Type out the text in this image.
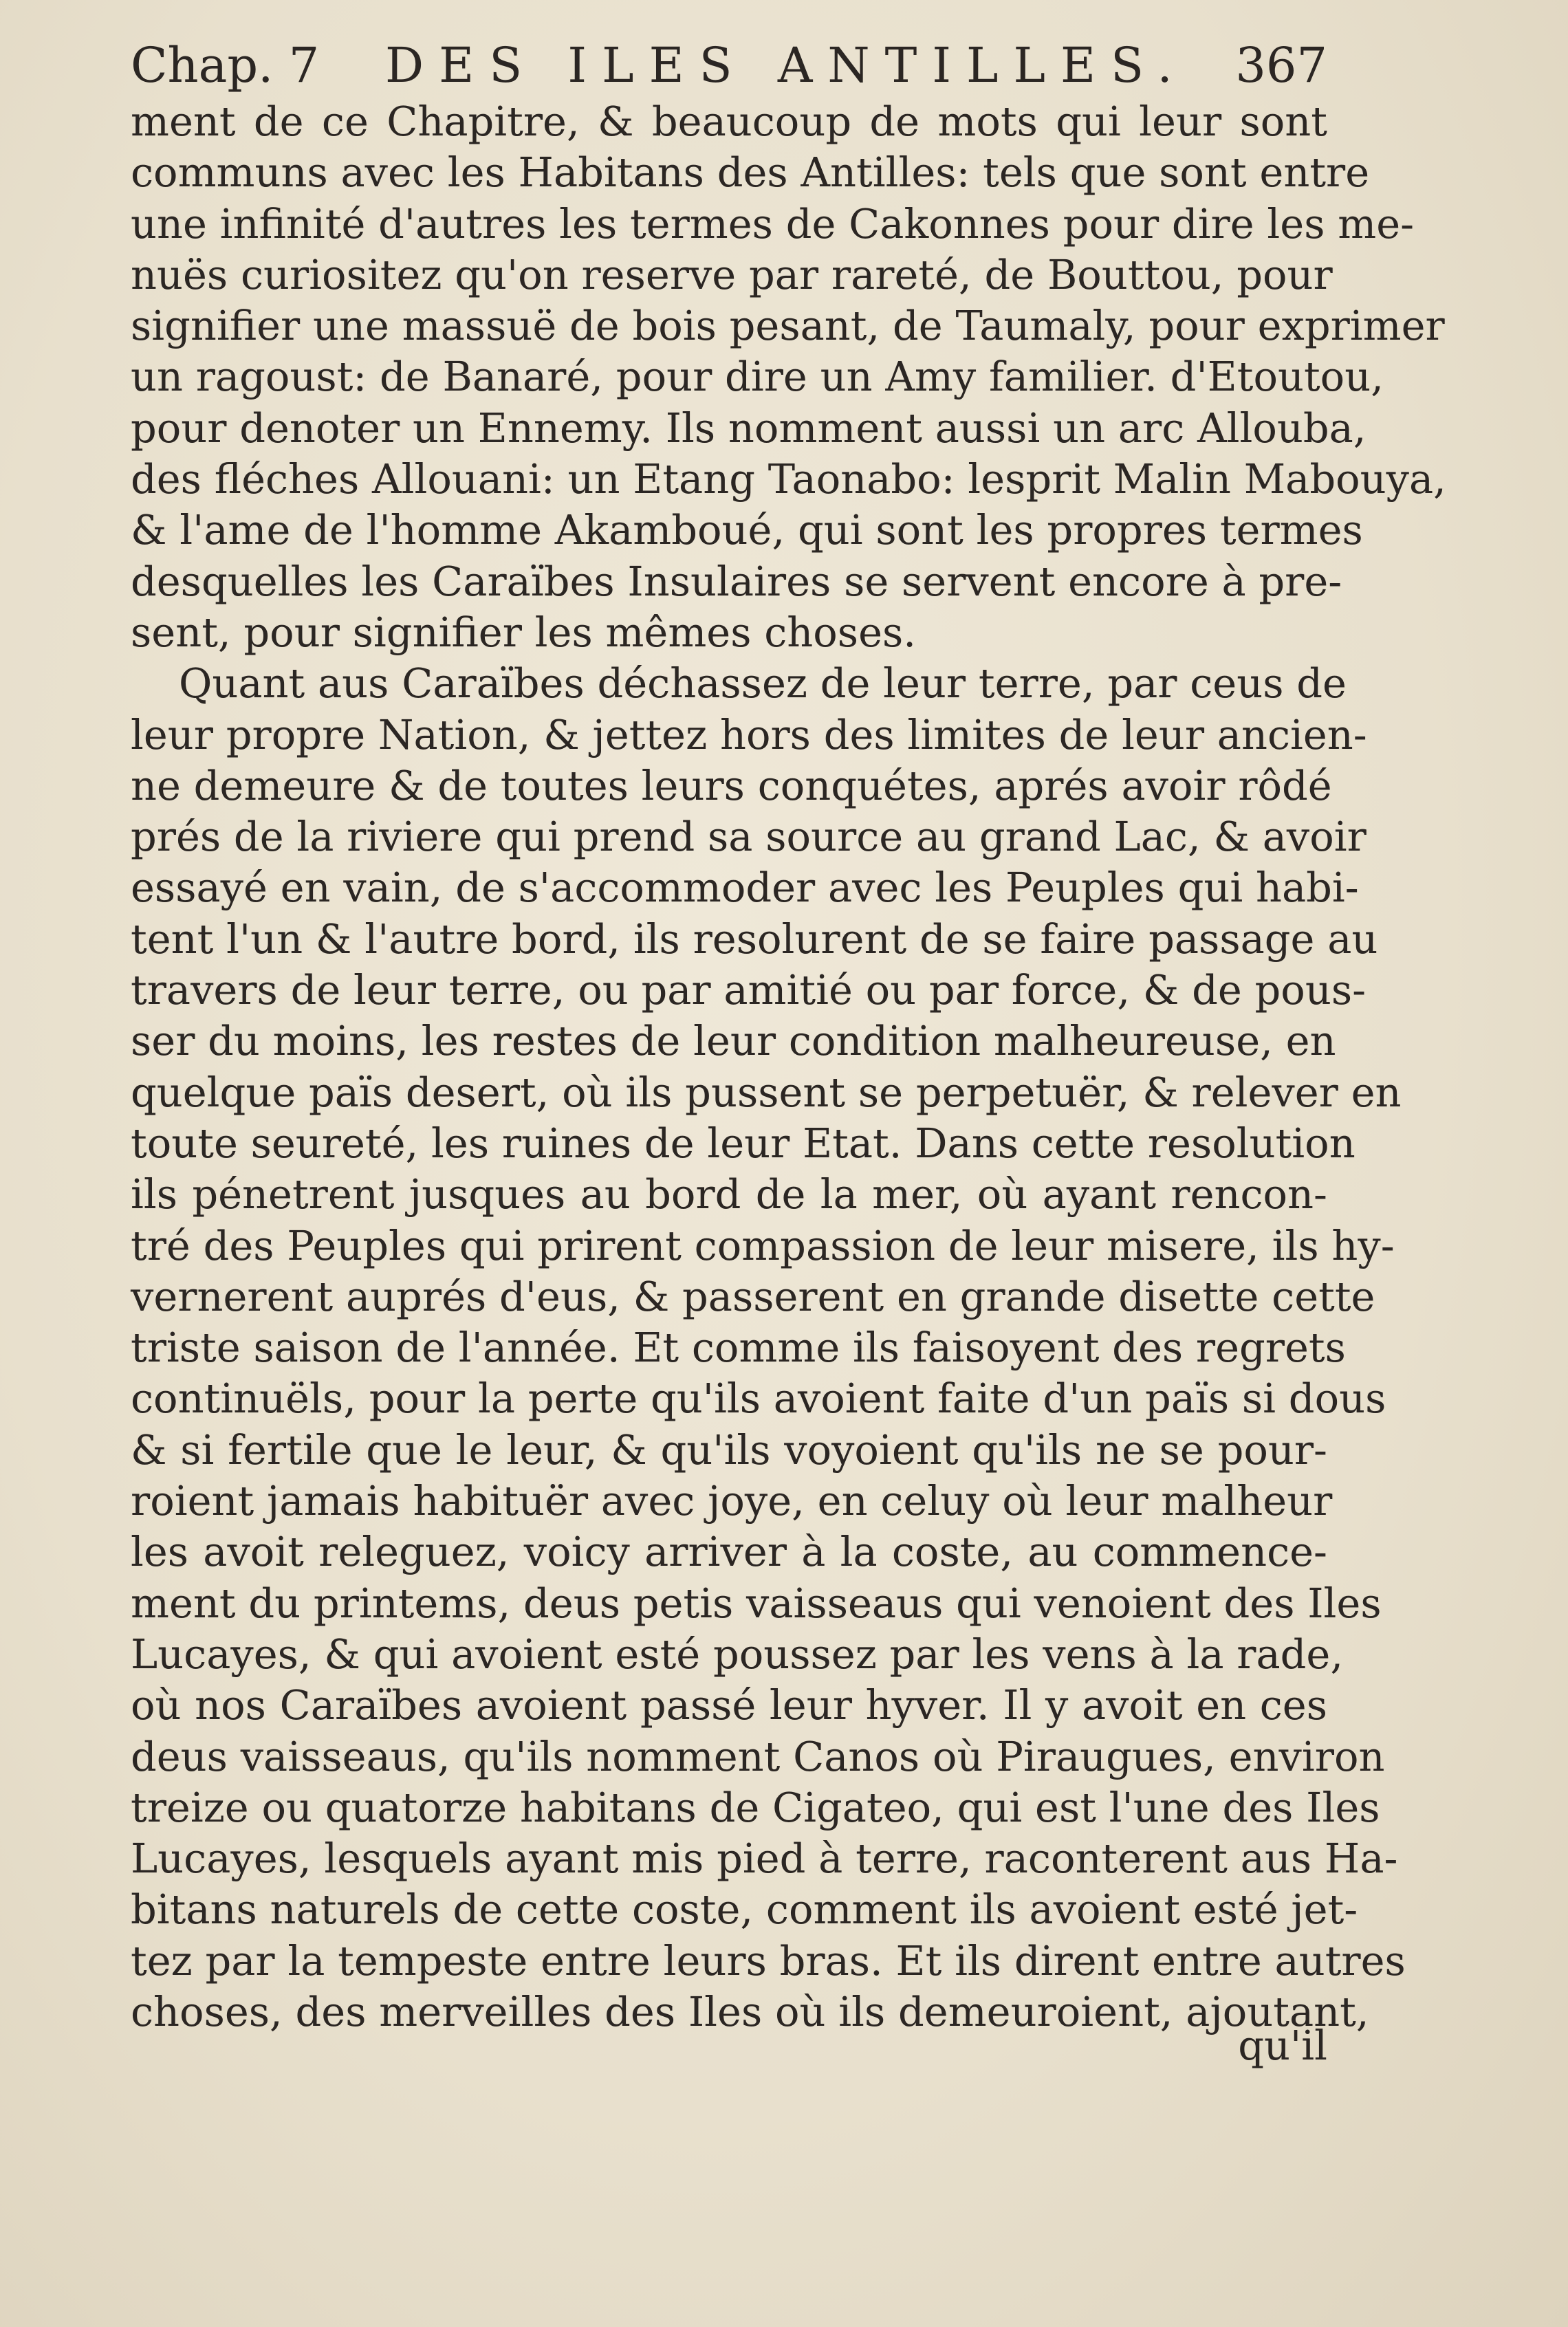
Chap. 7 DES ILES ANTILLES. 367
ment de ce Chapitre, & beaucoup de mots qui leur sont
communs avec les Habitans des Antilles: tels que sont entre
une infinité d'autres les termes de Cakonnes pour dire les me-
nuës curiositez qu'on reserve par rareté, de Bouttou, pour
signifier une massuë de bois pesant, de Taumaly, pour exprimer
un ragoust: de Banaré, pour dire un Amy familier. d'Etoutou,
pour denoter un Ennemy. Ils nomment aussi un arc Allouba,
des fléches Allouani: un Etang Taonabo: lesprit Malin Mabouya,
& l'ame de l'homme Akamboué, qui sont les propres termes
desquelles les Caraïbes Insulaires se servent encore à pre-
sent, pour signifier les mêmes choses.
Quant aus Caraïbes déchassez de leur terre, par ceus de
leur propre Nation, & jettez hors des limites de leur ancien-
ne demeure & de toutes leurs conquétes, aprés avoir rôdé
prés de la riviere qui prend sa source au grand Lac, & avoir
essayé en vain, de s'accommoder avec les Peuples qui habi-
tent l'un & l'autre bord, ils resolurent de se faire passage au
travers de leur terre, ou par amitié ou par force, & de pous-
ser du moins, les restes de leur condition malheureuse, en
quelque païs desert, où ils pussent se perpetuër, & relever en
toute seureté, les ruines de leur Etat. Dans cette resolution
ils pénetrent jusques au bord de la mer, où ayant rencon-
tré des Peuples qui prirent compassion de leur misere, ils hy-
vernerent auprés d'eus, & passerent en grande disette cette
triste saison de l'année. Et comme ils faisoyent des regrets
continuëls, pour la perte qu'ils avoient faite d'un païs si dous
& si fertile que le leur, & qu'ils voyoient qu'ils ne se pour-
roient jamais habituër avec joye, en celuy où leur malheur
les avoit releguez, voicy arriver à la coste, au commence-
ment du printems, deus petis vaisseaus qui venoient des Iles
Lucayes, & qui avoient esté poussez par les vens à la rade,
où nos Caraïbes avoient passé leur hyver. Il y avoit en ces
deus vaisseaus, qu'ils nomment Canos où Piraugues, environ
treize ou quatorze habitans de Cigateo, qui est l'une des Iles
Lucayes, lesquels ayant mis pied à terre, raconterent aus Ha-
bitans naturels de cette coste, comment ils avoient esté jet-
tez par la tempeste entre leurs bras. Et ils dirent entre autres
choses, des merveilles des Iles où ils demeuroient, ajoutant,
qu'il
